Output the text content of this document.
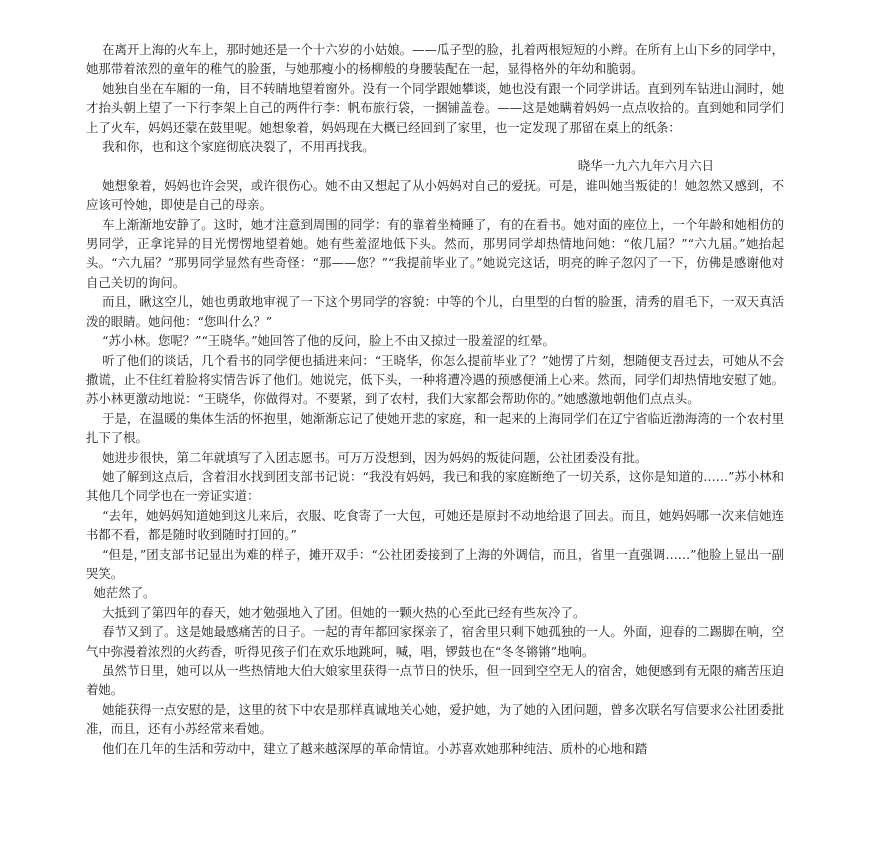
在离开上海的火车上，那时她还是一个十六岁的小姑娘。——瓜子型的脸，扎着两根短短的小辫。在所有上山下乡的同学中，她那带着浓烈的童年的稚气的脸蛋，与她那瘦小的杨柳般的身腰装配在一起，显得格外的年幼和脆弱。

她独自坐在车厢的一角，目不转睛地望着窗外。没有一个同学跟她攀谈，她也没有跟一个同学讲话。直到列车钻进山洞时，她才抬头朝上望了一下行李架上自己的两件行李：帆布旅行袋，一捆铺盖卷。——这是她瞒着妈妈一点点收拾的。直到她和同学们上了火车，妈妈还蒙在鼓里呢。她想象着，妈妈现在大概已经回到了家里，也一定发现了那留在桌上的纸条：

我和你，也和这个家庭彻底决裂了，不用再找我。

晓华一九六九年六月六日

她想象着，妈妈也许会哭，或许很伤心。她不由又想起了从小妈妈对自己的爱抚。可是，谁叫她当叛徒的！她忽然又感到，不应该可怜她，即使是自己的母亲。

车上渐渐地安静了。这时，她才注意到周围的同学：有的靠着坐椅睡了，有的在看书。她对面的座位上，一个年龄和她相仿的男同学，正拿诧异的目光愣愣地望着她。她有些羞涩地低下头。然而，那男同学却热情地问她：“侬几届？”“六九届。”她抬起头。“六九届？”那男同学显然有些奇怪：“那——您？”“我提前毕业了。”她说完这话，明亮的眸子忽闪了一下，仿佛是感谢他对自己关切的询问。

而且，瞅这空儿，她也勇敢地审视了一下这个男同学的容貌：中等的个儿，白里型的白皙的脸蛋，清秀的眉毛下，一双天真活泼的眼睛。她问他：“您叫什么？”

“苏小林。您呢？”“王晓华。”她回答了他的反问，脸上不由又掠过一股羞涩的红晕。

听了他们的谈话，几个看书的同学便也插进来问：“王晓华，你怎么提前毕业了？”她愣了片刻，想随便支吾过去，可她从不会撒谎，止不住红着脸将实情告诉了他们。她说完，低下头，一种将遭冷遇的预感便涌上心来。然而，同学们却热情地安慰了她。苏小林更激动地说：“王晓华，你做得对。不要紧，到了农村，我们大家都会帮助你的。”她感激地朝他们点点头。

于是，在温暖的集体生活的怀抱里，她渐渐忘记了使她开悲的家庭，和一起来的上海同学们在辽宁省临近渤海湾的一个农村里扎下了根。

她进步很快，第二年就填写了入团志愿书。可万万没想到，因为妈妈的叛徒问题，公社团委没有批。

她了解到这点后，含着泪水找到团支部书记说：“我没有妈妈，我已和我的家庭断绝了一切关系，这你是知道的……”苏小林和其他几个同学也在一旁证实道：

“去年，她妈妈知道她到这儿来后，衣服、吃食寄了一大包，可她还是原封不动地给退了回去。而且，她妈妈哪一次来信她连书都不看，都是随时收到随时打回的。”

“但是，”团支部书记显出为难的样子，摊开双手：“公社团委接到了上海的外调信，而且，省里一直强调……”他脸上显出一副哭笑。

她茫然了。

大抵到了第四年的春天，她才勉强地入了团。但她的一颗火热的心至此已经有些灰冷了。

春节又到了。这是她最感痛苦的日子。一起的青年都回家探亲了，宿舍里只剩下她孤独的一人。外面，迎春的二踢脚在响，空气中弥漫着浓烈的火药香，听得见孩子们在欢乐地跳呵，喊，唱，锣鼓也在“冬冬锵锵”地响。

虽然节日里，她可以从一些热情地大伯大娘家里获得一点节日的快乐，但一回到空空无人的宿舍，她便感到有无限的痛苦压迫着她。

她能获得一点安慰的是，这里的贫下中农是那样真诚地关心她，爱护她，为了她的入团问题，曾多次联名写信要求公社团委批准，而且，还有小苏经常来看她。

他们在几年的生活和劳动中，建立了越来越深厚的革命情谊。小苏喜欢她那种纯洁、质朴的心地和踏
